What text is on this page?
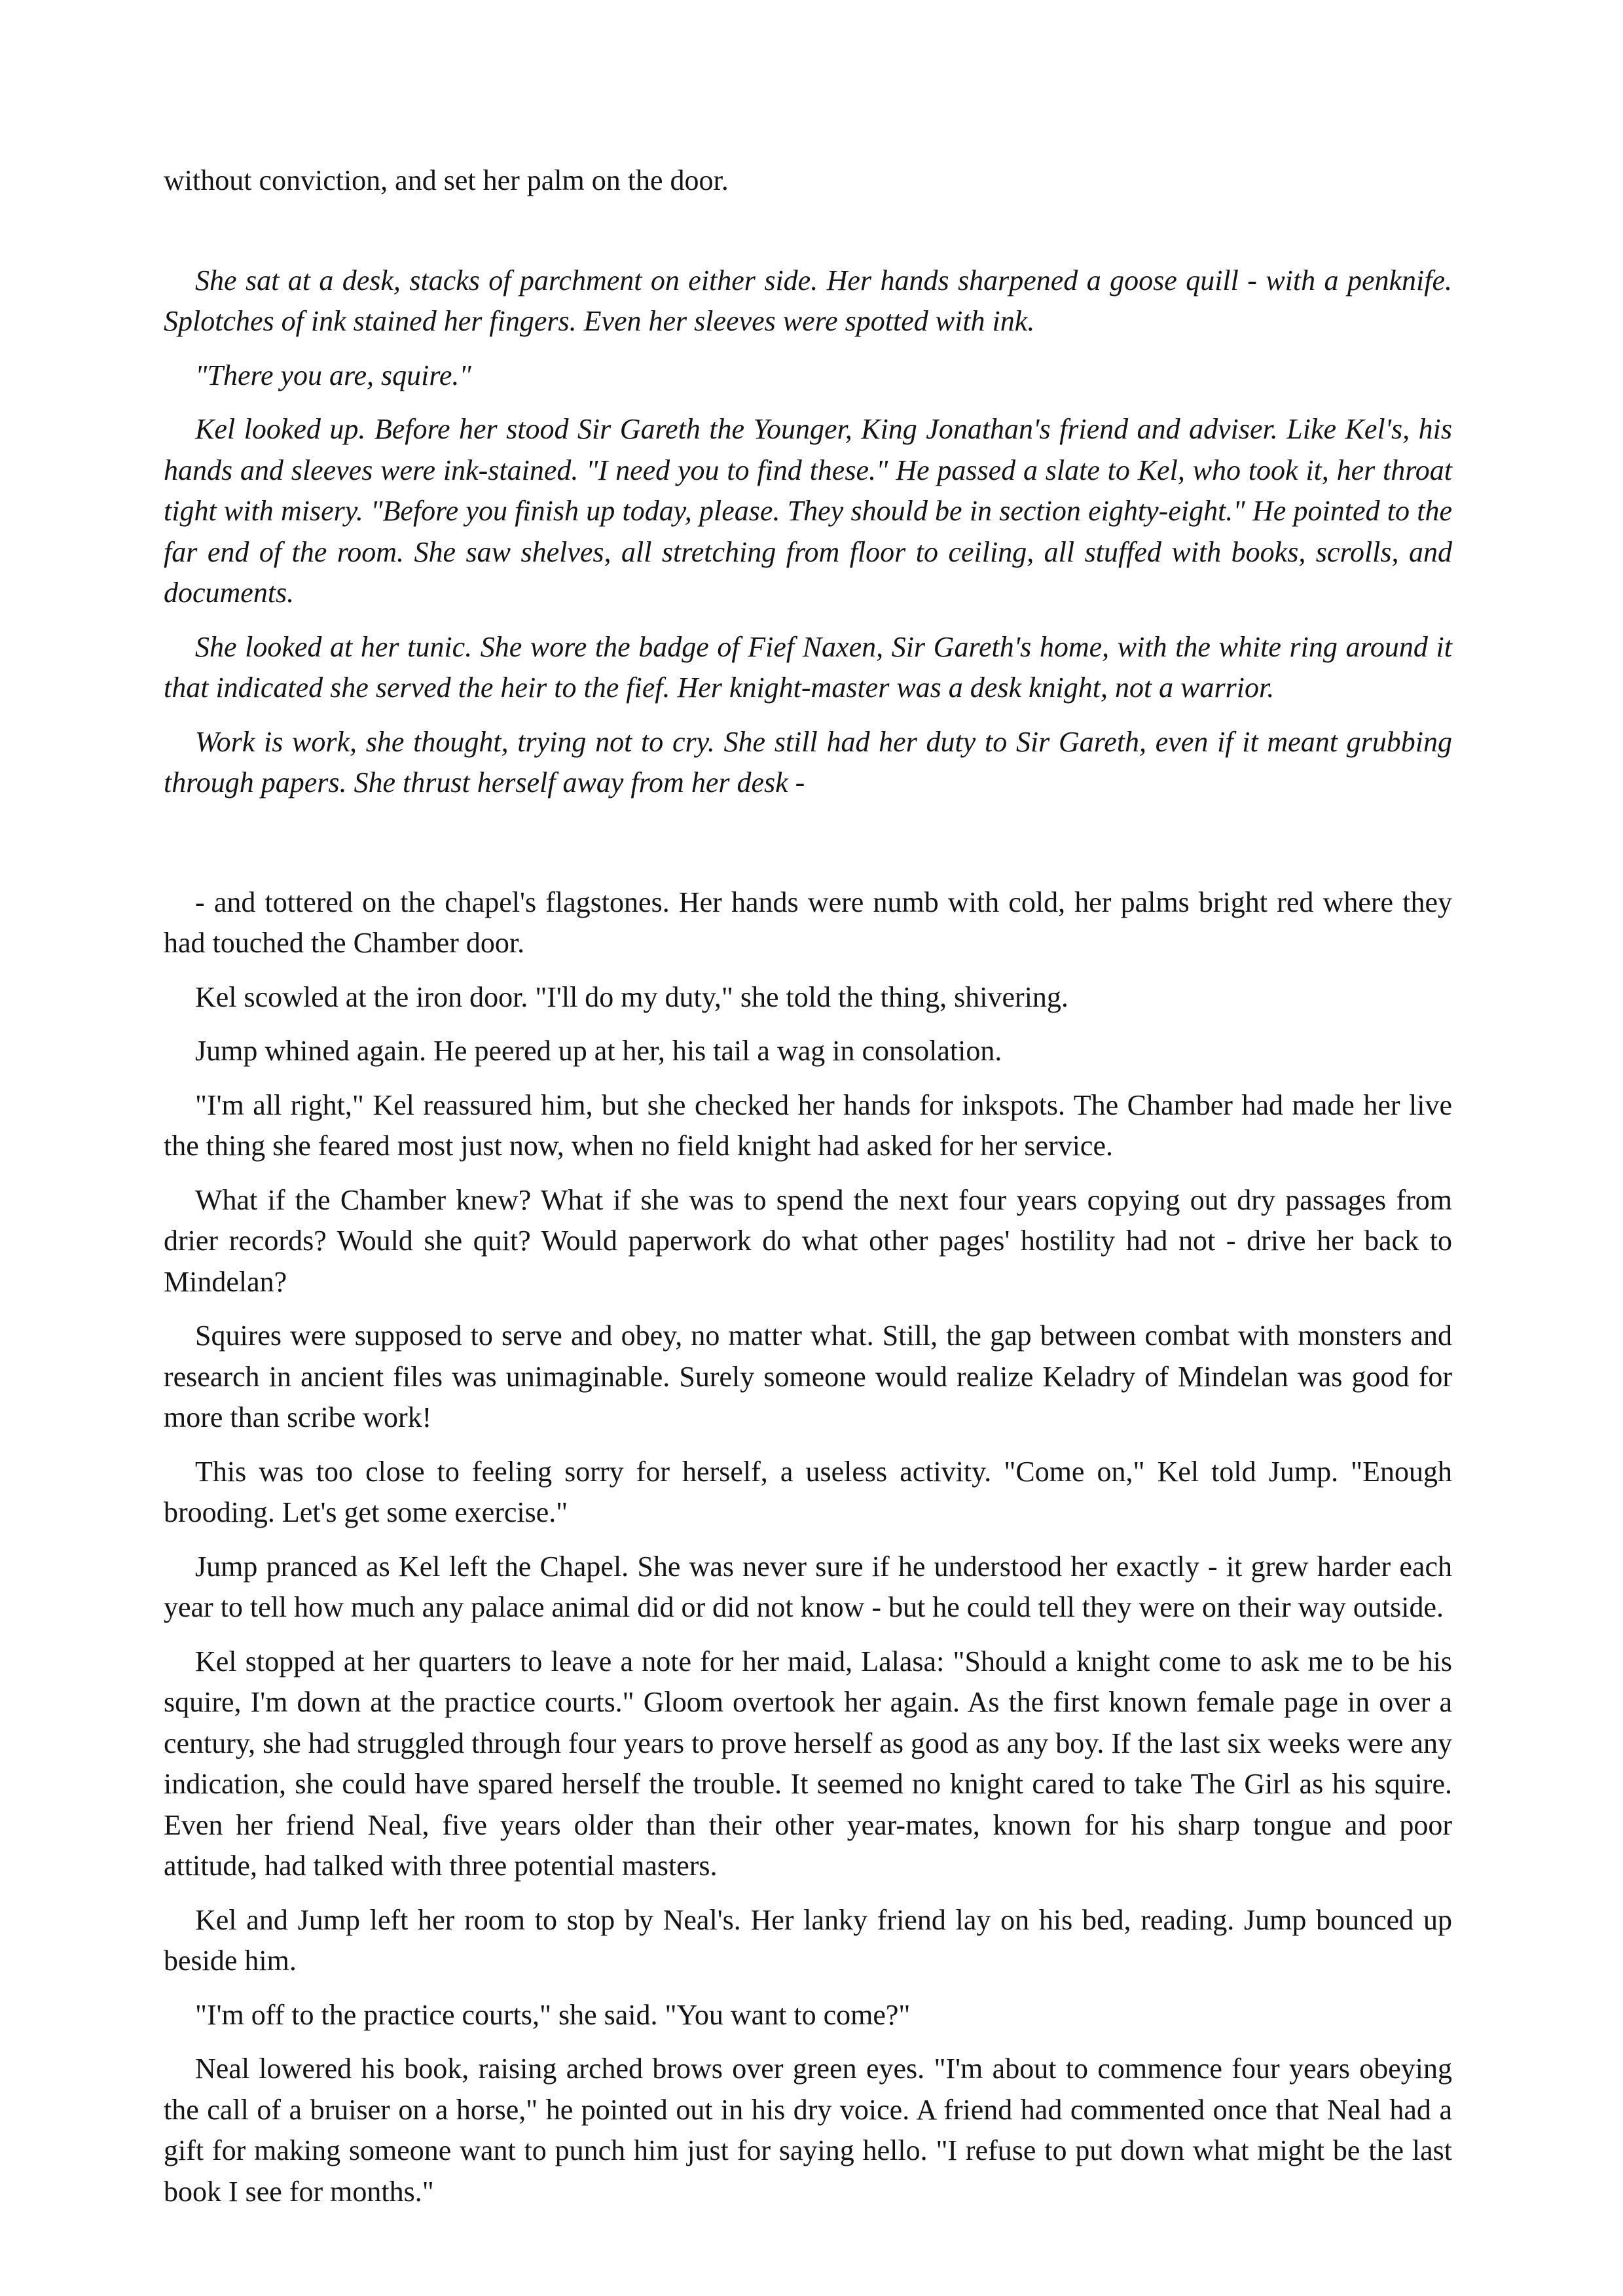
without conviction, and set her palm on the door.

She sat at a desk, stacks of parchment on either side. Her hands sharpened a goose quill - with a penknife. Splotches of ink stained her fingers. Even her sleeves were spotted with ink.

"There you are, squire."

Kel looked up. Before her stood Sir Gareth the Younger, King Jonathan's friend and adviser. Like Kel's, his hands and sleeves were ink-stained. "I need you to find these." He passed a slate to Kel, who took it, her throat tight with misery. "Before you finish up today, please. They should be in section eighty-eight." He pointed to the far end of the room. She saw shelves, all stretching from floor to ceiling, all stuffed with books, scrolls, and documents.

She looked at her tunic. She wore the badge of Fief Naxen, Sir Gareth's home, with the white ring around it that indicated she served the heir to the fief. Her knight-master was a desk knight, not a warrior.

Work is work, she thought, trying not to cry. She still had her duty to Sir Gareth, even if it meant grubbing through papers. She thrust herself away from her desk -

- and tottered on the chapel's flagstones. Her hands were numb with cold, her palms bright red where they had touched the Chamber door.

Kel scowled at the iron door. "I'll do my duty," she told the thing, shivering.

Jump whined again. He peered up at her, his tail a wag in consolation.

"I'm all right," Kel reassured him, but she checked her hands for inkspots. The Chamber had made her live the thing she feared most just now, when no field knight had asked for her service.

What if the Chamber knew? What if she was to spend the next four years copying out dry passages from drier records? Would she quit? Would paperwork do what other pages' hostility had not - drive her back to Mindelan?

Squires were supposed to serve and obey, no matter what. Still, the gap between combat with monsters and research in ancient files was unimaginable. Surely someone would realize Keladry of Mindelan was good for more than scribe work!

This was too close to feeling sorry for herself, a useless activity. "Come on," Kel told Jump. "Enough brooding. Let's get some exercise."

Jump pranced as Kel left the Chapel. She was never sure if he understood her exactly - it grew harder each year to tell how much any palace animal did or did not know - but he could tell they were on their way outside.

Kel stopped at her quarters to leave a note for her maid, Lalasa: "Should a knight come to ask me to be his squire, I'm down at the practice courts." Gloom overtook her again. As the first known female page in over a century, she had struggled through four years to prove herself as good as any boy. If the last six weeks were any indication, she could have spared herself the trouble. It seemed no knight cared to take The Girl as his squire. Even her friend Neal, five years older than their other year-mates, known for his sharp tongue and poor attitude, had talked with three potential masters.

Kel and Jump left her room to stop by Neal's. Her lanky friend lay on his bed, reading. Jump bounced up beside him.

"I'm off to the practice courts," she said. "You want to come?"

Neal lowered his book, raising arched brows over green eyes. "I'm about to commence four years obeying the call of a bruiser on a horse," he pointed out in his dry voice. A friend had commented once that Neal had a gift for making someone want to punch him just for saying hello. "I refuse to put down what might be the last book I see for months."
